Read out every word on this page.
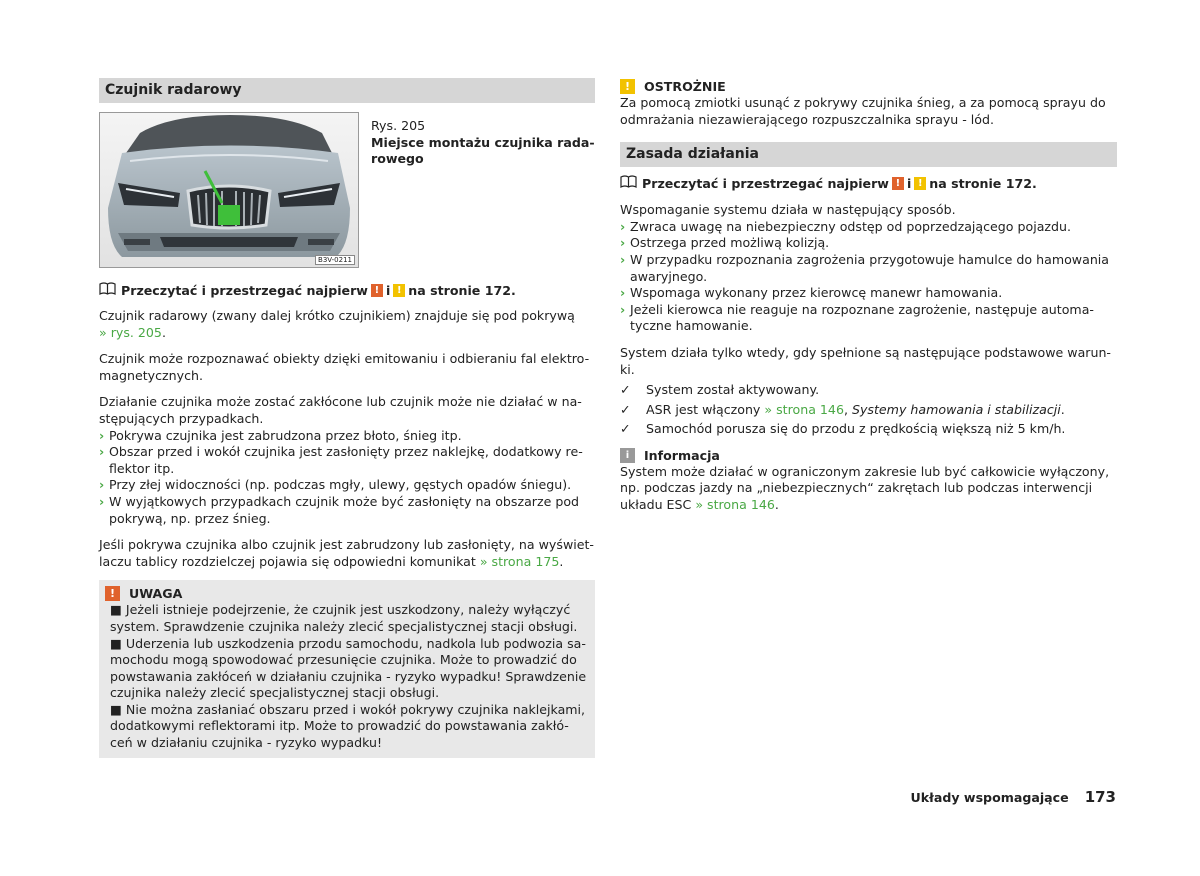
Czujnik radarowy
B3V-0211
Rys. 205
Miejsce montażu czujnika rada-
rowego
Przeczytać i przestrzegać najpierw ! i ! na stronie 172.

Czujnik radarowy (zwany dalej krótko czujnikiem) znajduje się pod pokrywą
» rys. 205.

Czujnik może rozpoznawać obiekty dzięki emitowaniu i odbieraniu fal elektro-
magnetycznych.

Działanie czujnika może zostać zakłócone lub czujnik może nie działać w na-
stępujących przypadkach.

› Pokrywa czujnika jest zabrudzona przez błoto, śnieg itp.
› Obszar przed i wokół czujnika jest zasłonięty przez naklejkę, dodatkowy re-
flektor itp.
› Przy złej widoczności (np. podczas mgły, ulewy, gęstych opadów śniegu).
› W wyjątkowych przypadkach czujnik może być zasłonięty na obszarze pod
pokrywą, np. przez śnieg.

Jeśli pokrywa czujnika albo czujnik jest zabrudzony lub zasłonięty, na wyświet-
laczu tablicy rozdzielczej pojawia się odpowiedni komunikat » strona 175.

!	UWAGA
■ Jeżeli istnieje podejrzenie, że czujnik jest uszkodzony, należy wyłączyć
system. Sprawdzenie czujnika należy zlecić specjalistycznej stacji obsługi.
■ Uderzenia lub uszkodzenia przodu samochodu, nadkola lub podwozia sa-
mochodu mogą spowodować przesunięcie czujnika. Może to prowadzić do
powstawania zakłóceń w działaniu czujnika - ryzyko wypadku! Sprawdzenie
czujnika należy zlecić specjalistycznej stacji obsługi.
■ Nie można zasłaniać obszaru przed i wokół pokrywy czujnika naklejkami,
dodatkowymi reflektorami itp. Może to prowadzić do powstawania zakłó-
ceń w działaniu czujnika - ryzyko wypadku!
!	OSTROŻNIE

Za pomocą zmiotki usunąć z pokrywy czujnika śnieg, a za pomocą sprayu do
odmrażania niezawierającego rozpuszczalnika sprayu - lód.

Zasada działania
Przeczytać i przestrzegać najpierw ! i ! na stronie 172.

Wspomaganie systemu działa w następujący sposób.

› Zwraca uwagę na niebezpieczny odstęp od poprzedzającego pojazdu.
› Ostrzega przed możliwą kolizją.
› W przypadku rozpoznania zagrożenia przygotowuje hamulce do hamowania
awaryjnego.
› Wspomaga wykonany przez kierowcę manewr hamowania.
› Jeżeli kierowca nie reaguje na rozpoznane zagrożenie, następuje automa-
tyczne hamowanie.

System działa tylko wtedy, gdy spełnione są następujące podstawowe warun-
ki.

✓	System został aktywowany.
✓	ASR jest włączony » strona 146, Systemy hamowania i stabilizacji.
✓	Samochód porusza się do przodu z prędkością większą niż 5 km/h.
i	Informacja

System może działać w ograniczonym zakresie lub być całkowicie wyłączony,
np. podczas jazdy na „niebezpiecznych“ zakrętach lub podczas interwencji
układu ESC » strona 146.

Układy wspomagające 173
